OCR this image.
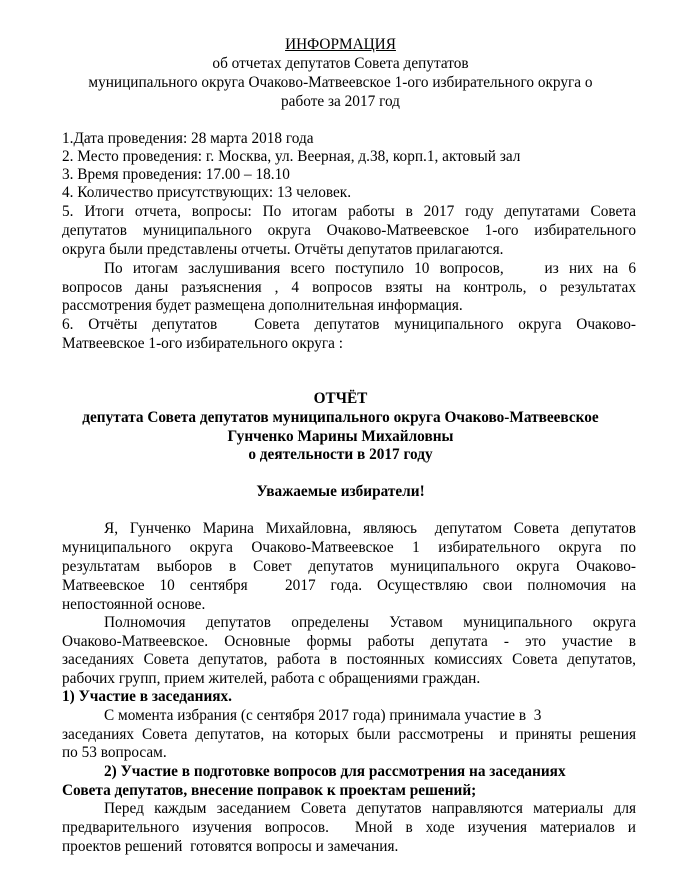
ИНФОРМАЦИЯ
об отчетах депутатов Совета депутатов
муниципального округа Очаково-Матвеевское 1-ого избирательного округа о
работе за 2017 год
1.Дата проведения: 28 марта 2018 года
2. Место проведения: г. Москва, ул. Веерная, д.38, корп.1, актовый зал
3. Время проведения: 17.00 – 18.10
4. Количество присутствующих: 13 человек.
5.  Итоги  отчета,  вопросы:  По  итогам  работы  в  2017  году  депутатами  Совета
депутатов  муниципального  округа  Очаково-Матвеевское  1-ого  избирательного
округа были представлены отчеты. Отчёты депутатов прилагаются.
По итогам заслушивания всего поступило 10 вопросов,    из них на 6
вопросов  даны  разъяснения  ,  4  вопросов  взяты  на  контроль,  о  результатах
рассмотрения будет размещена дополнительная информация.
6.  Отчёты  депутатов     Совета  депутатов  муниципального  округа  Очаково-
Матвеевское 1-ого избирательного округа :
ОТЧЁТ
депутата Совета депутатов муниципального округа Очаково-Матвеевское
Гунченко Марины Михайловны
о деятельности в 2017 году
Уважаемые избиратели!
Я,  Гунченко  Марина  Михайловна,  являюсь   депутатом  Совета  депутатов
муниципального  округа  Очаково-Матвеевское  1  избирательного  округа  по
результатам  выборов  в  Совет  депутатов  муниципального  округа  Очаково-
Матвеевское  10  сентября     2017  года.  Осуществляю  свои  полномочия  на
непостоянной основе.
Полномочия  депутатов  определены  Уставом  муниципального  округа
Очаково-Матвеевское.  Основные  формы  работы  депутата  -  это  участие  в
заседаниях Совета депутатов, работа в постоянных комиссиях Совета депутатов,
рабочих групп, прием жителей, работа с обращениями граждан.
1) Участие в заседаниях.
С момента избрания (с сентября 2017 года) принимала участие в  3
заседаниях Совета депутатов, на которых были рассмотрены  и приняты решения
по 53 вопросам.
2) Участие в подготовке вопросов для рассмотрения на заседаниях
Совета депутатов, внесение поправок к проектам решений;
Перед каждым заседанием Совета депутатов направляются материалы для
предварительного  изучения  вопросов.    Мной  в  ходе  изучения  материалов  и
проектов решений  готовятся вопросы и замечания.
